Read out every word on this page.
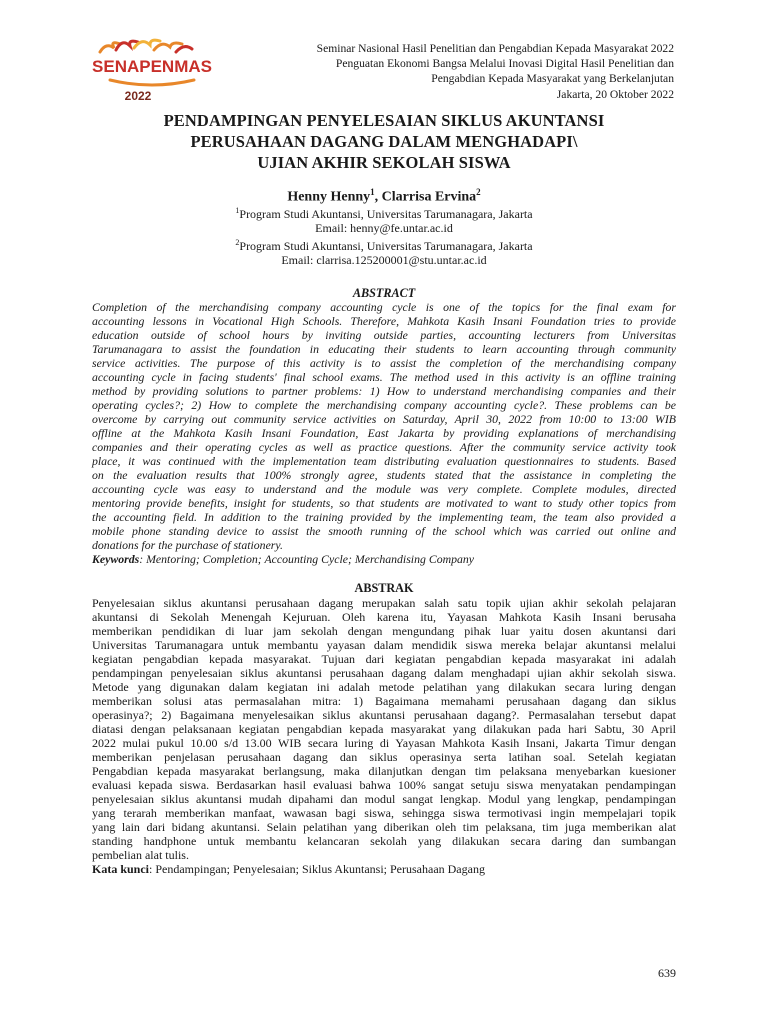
SENAPENMAS
2022
Seminar Nasional Hasil Penelitian dan Pengabdian Kepada Masyarakat 2022
Penguatan Ekonomi Bangsa Melalui Inovasi Digital Hasil Penelitian dan
Pengabdian Kepada Masyarakat yang Berkelanjutan
Jakarta, 20 Oktober 2022
PENDAMPINGAN PENYELESAIAN SIKLUS AKUNTANSI
PERUSAHAAN DAGANG DALAM MENGHADAPI\
UJIAN AKHIR SEKOLAH SISWA
Henny Henny$^1$, Clarrisa Ervina$^2$
$^1$Program Studi Akuntansi, Universitas Tarumanagara, Jakarta
Email: henny@fe.untar.ac.id
$^2$Program Studi Akuntansi, Universitas Tarumanagara, Jakarta
Email: clarrisa.125200001@stu.untar.ac.id
ABSTRACT
Completion of the merchandising company accounting cycle is one of the topics for the final exam for
accounting lessons in Vocational High Schools. Therefore, Mahkota Kasih Insani Foundation tries to provide
education outside of school hours by inviting outside parties, accounting lecturers from Universitas
Tarumanagara to assist the foundation in educating their students to learn accounting through community
service activities. The purpose of this activity is to assist the completion of the merchandising company
accounting cycle in facing students' final school exams. The method used in this activity is an offline training
method by providing solutions to partner problems: 1) How to understand merchandising companies and their
operating cycles?; 2) How to complete the merchandising company accounting cycle?. These problems can be
overcome by carrying out community service activities on Saturday, April 30, 2022 from 10:00 to 13:00 WIB
offline at the Mahkota Kasih Insani Foundation, East Jakarta by providing explanations of merchandising
companies and their operating cycles as well as practice questions. After the community service activity took
place, it was continued with the implementation team distributing evaluation questionnaires to students. Based
on the evaluation results that 100% strongly agree, students stated that the assistance in completing the
accounting cycle was easy to understand and the module was very complete. Complete modules, directed
mentoring provide benefits, insight for students, so that students are motivated to want to study other topics from
the accounting field. In addition to the training provided by the implementing team, the team also provided a
mobile phone standing device to assist the smooth running of the school which was carried out online and
donations for the purchase of stationery.
Keywords: Mentoring; Completion; Accounting Cycle; Merchandising Company
ABSTRAK
Penyelesaian siklus akuntansi perusahaan dagang merupakan salah satu topik ujian akhir sekolah pelajaran
akuntansi di Sekolah Menengah Kejuruan. Oleh karena itu, Yayasan Mahkota Kasih Insani berusaha
memberikan pendidikan di luar jam sekolah dengan mengundang pihak luar yaitu dosen akuntansi dari
Universitas Tarumanagara untuk membantu yayasan dalam mendidik siswa mereka belajar akuntansi melalui
kegiatan pengabdian kepada masyarakat. Tujuan dari kegiatan pengabdian kepada masyarakat ini adalah
pendampingan penyelesaian siklus akuntansi perusahaan dagang dalam menghadapi ujian akhir sekolah siswa.
Metode yang digunakan dalam kegiatan ini adalah metode pelatihan yang dilakukan secara luring dengan
memberikan solusi atas permasalahan mitra: 1) Bagaimana memahami perusahaan dagang dan siklus
operasinya?; 2) Bagaimana menyelesaikan siklus akuntansi perusahaan dagang?. Permasalahan tersebut dapat
diatasi dengan pelaksanaan kegiatan pengabdian kepada masyarakat yang dilakukan pada hari Sabtu, 30 April
2022 mulai pukul 10.00 s/d 13.00 WIB secara luring di Yayasan Mahkota Kasih Insani, Jakarta Timur dengan
memberikan penjelasan perusahaan dagang dan siklus operasinya serta latihan soal. Setelah kegiatan
Pengabdian kepada masyarakat berlangsung, maka dilanjutkan dengan tim pelaksana menyebarkan kuesioner
evaluasi kepada siswa. Berdasarkan hasil evaluasi bahwa 100% sangat setuju siswa menyatakan pendampingan
penyelesaian siklus akuntansi mudah dipahami dan modul sangat lengkap. Modul yang lengkap, pendampingan
yang terarah memberikan manfaat, wawasan bagi siswa, sehingga siswa termotivasi ingin mempelajari topik
yang lain dari bidang akuntansi. Selain pelatihan yang diberikan oleh tim pelaksana, tim juga memberikan alat
standing handphone untuk membantu kelancaran sekolah yang dilakukan secara daring dan sumbangan
pembelian alat tulis.
Kata kunci: Pendampingan; Penyelesaian; Siklus Akuntansi; Perusahaan Dagang
639
